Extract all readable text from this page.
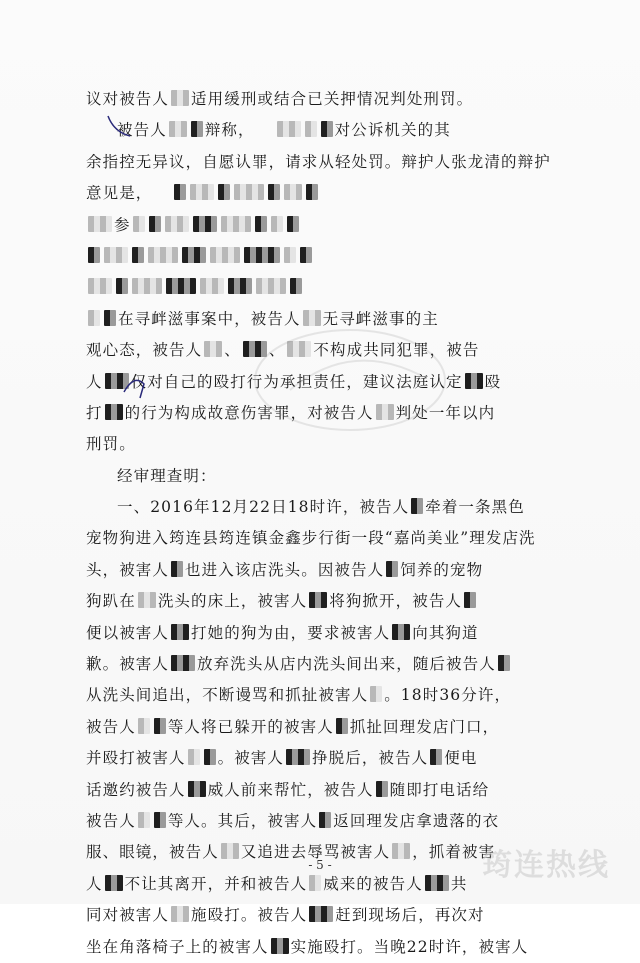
议对被告人 适用缓刑或结合已关押情况判处刑罚。
被告人 辩称，	对公诉机关的其
余指控无异议，自愿认罪，请求从轻处罚。辩护人张龙清的辩护
意见是，
参
在寻衅滋事案中，被告人 无寻衅滋事的主
观心态，被告人 、 、 不构成共同犯罪，被告
人 仅对自己的殴打行为承担责任，建议法庭认定 殴
打 的行为构成故意伤害罪，对被告人 判处一年以内
刑罚。
经审理查明：
一、2016年12月22日18时许，被告人 牵着一条黑色
宠物狗进入筠连县筠连镇金鑫步行街一段“嘉尚美业”理发店洗
头，被害人 也进入该店洗头。因被告人 饲养的宠物
狗趴在 洗头的床上，被害人 将狗掀开，被告人
便以被害人 打她的狗为由，要求被害人 向其狗道
歉。被害人 放弃洗头从店内洗头间出来，随后被告人
从洗头间追出，不断谩骂和抓扯被害人 。18时36分许，
被告人 等人将已躲开的被害人 抓扯回理发店门口，
并殴打被害人 。被害人 挣脱后，被告人 便电
话邀约被告人 威人前来帮忙，被告人 随即打电话给
被告人 等人。其后，被害人 返回理发店拿遗落的衣
服、眼镜，被告人 又追进去辱骂被害人 ，抓着被害
人 不让其离开，并和被告人 威来的被告人 共
同对被害人 施殴打。被告人 赶到现场后，再次对
坐在角落椅子上的被害人 实施殴打。当晚22时许，被害人
- 5 -	筠连热线
